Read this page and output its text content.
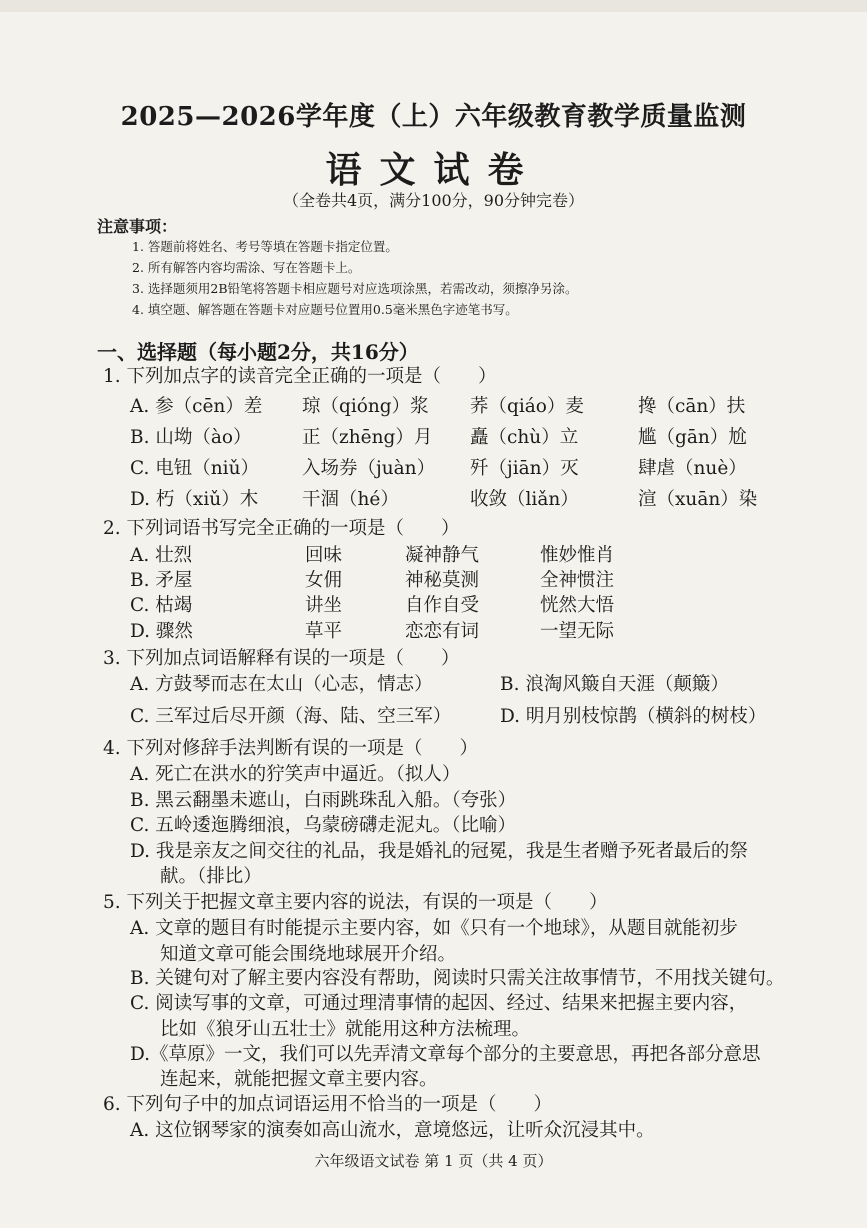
2025—2026学年度（上）六年级教育教学质量监测
语文试卷
（全卷共4页，满分100分，90分钟完卷）
注意事项：
1. 答题前将姓名、考号等填在答题卡指定位置。
2. 所有解答内容均需涂、写在答题卡上。
3. 选择题须用2B铅笔将答题卡相应题号对应选项涂黑，若需改动，须擦净另涂。
4. 填空题、解答题在答题卡对应题号位置用0.5毫米黑色字迹笔书写。
一、选择题（每小题2分，共16分）
1. 下列加点字的读音完全正确的一项是（　　）
A. 参（cēn）差 琼（qióng）浆 荞（qiáo）麦	搀（cān）扶
B. 山坳（ào）	正（zhēng）月 矗（chù）立	尴（gān）尬
C. 电钮（niǔ） 入场券（juàn） 歼（jiān）灭	肆虐（nuè）
D. 朽（xiǔ）木 干涸（hé）	收敛（liǎn）	渲（xuān）染
2. 下列词语书写完全正确的一项是（　　）
A. 壮烈	回味	凝神静气	惟妙惟肖
B. 矛屋	女佣	神秘莫测	全神惯注
C. 枯竭	讲坐	自作自受	恍然大悟
D. 骤然	草平	恋恋有词	一望无际
3. 下列加点词语解释有误的一项是（　　）
A. 方鼓琴而志在太山（心志，情志）	B. 浪淘风簸自天涯（颠簸）
C. 三军过后尽开颜（海、陆、空三军）	D. 明月别枝惊鹊（横斜的树枝）
4. 下列对修辞手法判断有误的一项是（　　）
A. 死亡在洪水的狞笑声中逼近。（拟人）
B. 黑云翻墨未遮山，白雨跳珠乱入船。（夸张）
C. 五岭逶迤腾细浪，乌蒙磅礴走泥丸。（比喻）
D. 我是亲友之间交往的礼品，我是婚礼的冠冕，我是生者赠予死者最后的祭
献。（排比）
5. 下列关于把握文章主要内容的说法，有误的一项是（　　）
A. 文章的题目有时能提示主要内容，如《只有一个地球》，从题目就能初步
知道文章可能会围绕地球展开介绍。
B. 关键句对了解主要内容没有帮助，阅读时只需关注故事情节，不用找关键句。
C. 阅读写事的文章，可通过理清事情的起因、经过、结果来把握主要内容，
比如《狼牙山五壮士》就能用这种方法梳理。
D.《草原》一文，我们可以先弄清文章每个部分的主要意思，再把各部分意思
连起来，就能把握文章主要内容。
6. 下列句子中的加点词语运用不恰当的一项是（　　）
A. 这位钢琴家的演奏如高山流水，意境悠远，让听众沉浸其中。
六年级语文试卷 第 1 页（共 4 页）
